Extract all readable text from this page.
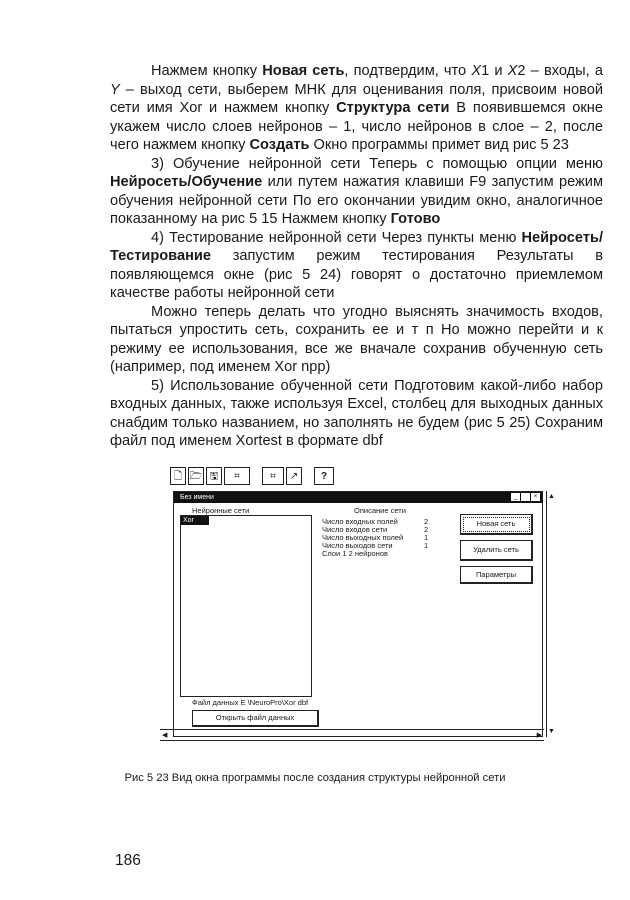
Нажмем кнопку Новая сеть, подтвердим, что X1 и X2 – входы, а Y – выход сети, выберем МНК для оценивания поля, присвоим новой сети имя Xor и нажмем кнопку Структура сети В появившемся окне укажем число слоев нейронов – 1, число нейронов в слое – 2, после чего нажмем кнопку Создать Окно программы примет вид рис 5 23

3) Обучение нейронной сети Теперь с помощью опции меню Нейросеть/Обучение или путем нажатия клавиши F9 запустим режим обучения нейронной сети По его окончании увидим окно, аналогичное показанному на рис 5 15 Нажмем кнопку Готово

4) Тестирование нейронной сети Через пункты меню Нейросеть/Тестирование запустим режим тестирования Результаты в появляющемся окне (рис 5 24) говорят о достаточно приемлемом качестве работы нейронной сети

Можно теперь делать что угодно выяснять значимость входов, пытаться упростить сеть, сохранить ее и т п Но можно перейти и к режиму ее использования, все же вначале сохранив обученную сеть (например, под именем Xor npp)

5) Использование обученной сети Подготовим какой-либо набор входных данных, также используя Excel, столбец для выходных данных снабдим только названием, но заполнять не будем (рис 5 25) Сохраним файл под именем Xortest в формате dbf

🗋 🗁 🖫	⌗	⌗	↗	?
Без имени	_	×
Нейронные сети	Описание сети
Xor	Число входных полей	2
Число входов сети	2
Число выходных полей	1
Число выходов сети	1
Слои 1 2 нейронов
Новая сеть
Удалить сеть
Параметры
Файл данных E \NeuroPro\Xor dbf
Открыть файл данных
▲
▼
◀	▶
Рис 5 23 Вид окна программы после создания структуры нейронной сети
186
